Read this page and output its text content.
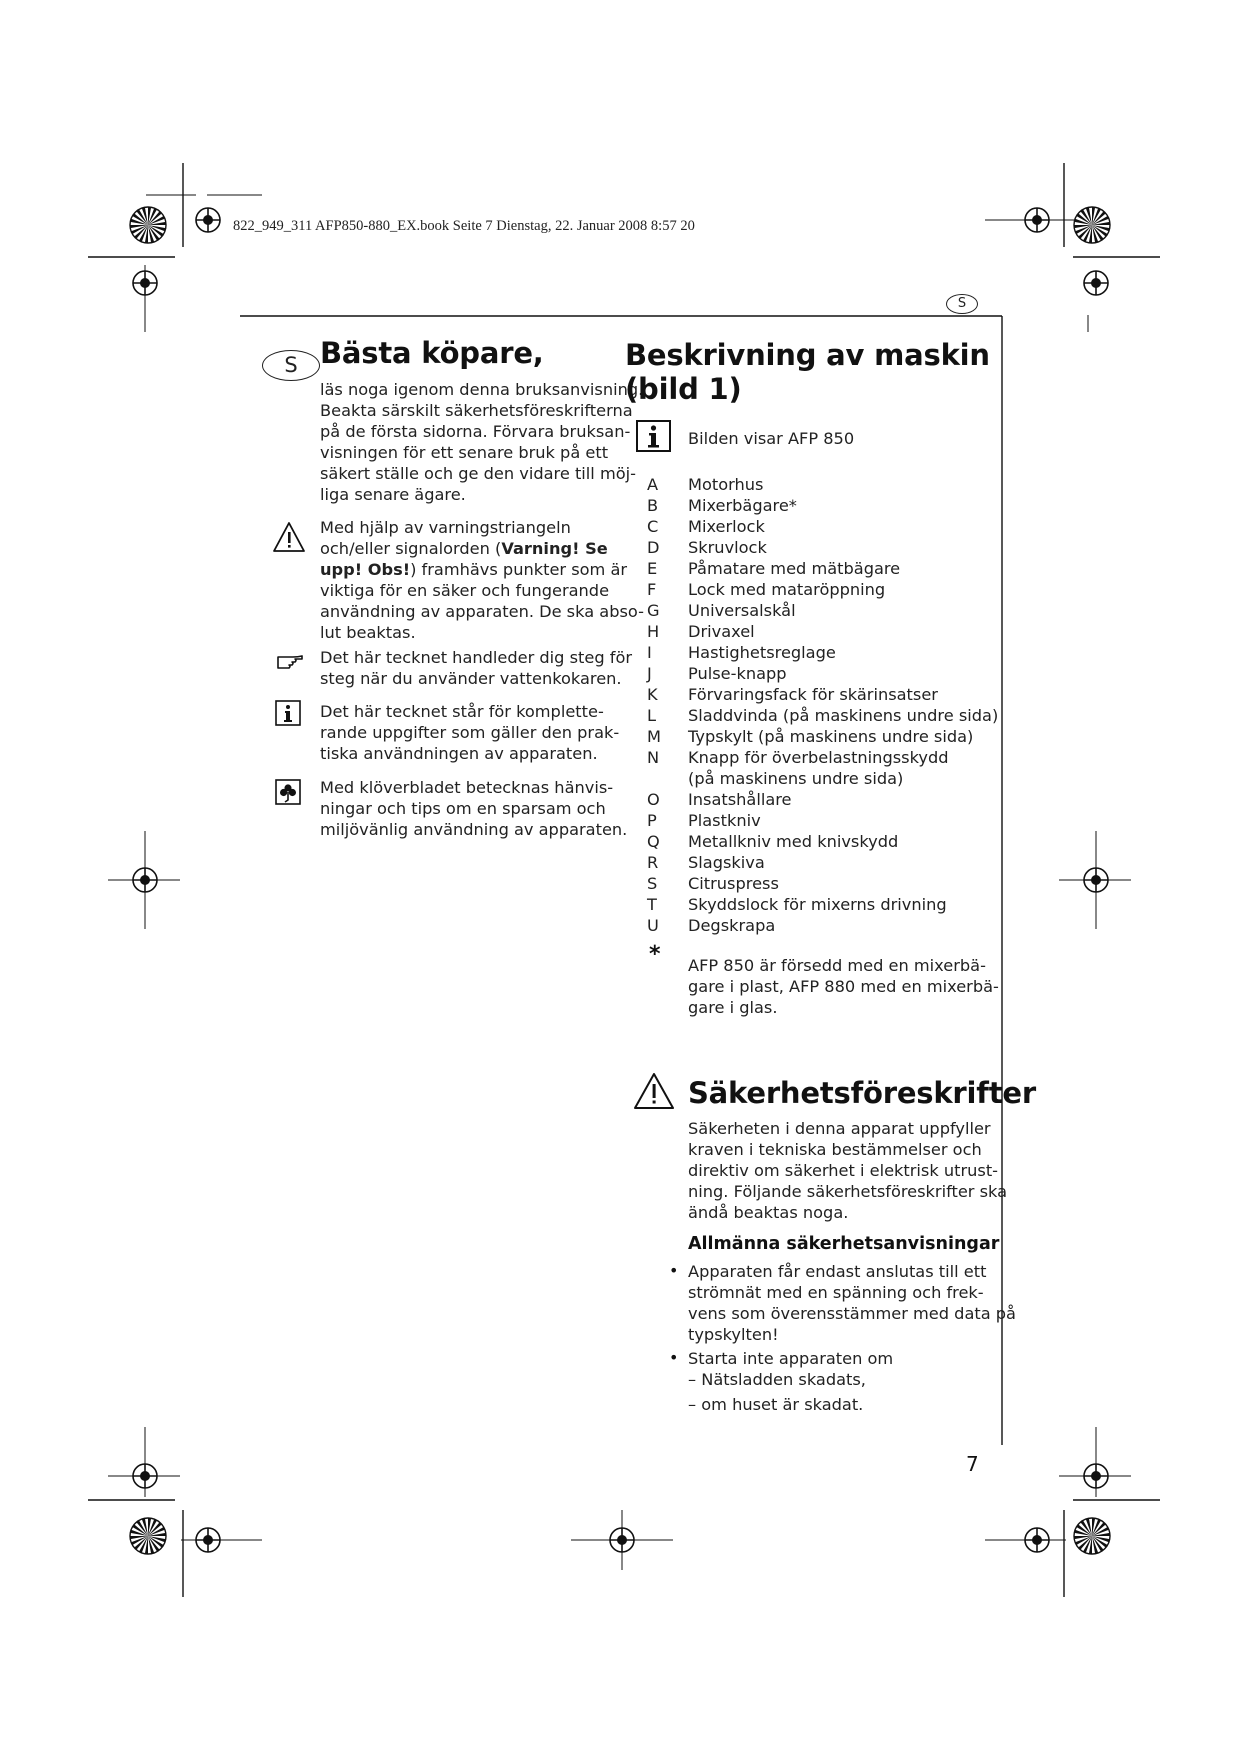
822_949_311 AFP850-880_EX.book Seite 7 Dienstag, 22. Januar 2008 8:57 20
S
S Bästa köpare,
läs noga igenom denna bruksanvisning.
Beakta särskilt säkerhetsföreskrifterna
på de första sidorna. Förvara bruksan-
visningen för ett senare bruk på ett
säkert ställe och ge den vidare till möj-
liga senare ägare.
Med hjälp av varningstriangeln
och/eller signalorden (Varning! Se
upp! Obs!) framhävs punkter som är
viktiga för en säker och fungerande
användning av apparaten. De ska abso-
lut beaktas.
Det här tecknet handleder dig steg för
steg när du använder vattenkokaren.
Det här tecknet står för komplette-
rande uppgifter som gäller den prak-
tiska användningen av apparaten.
Med klöverbladet betecknas hänvis-
ningar och tips om en sparsam och
miljövänlig användning av apparaten.
Beskrivning av maskin
(bild 1)
Bilden visar AFP 850
A Motorhus
B Mixerbägare*
C Mixerlock
D Skruvlock
E Påmatare med mätbägare
F Lock med mataröppning
G Universalskål
H Drivaxel
I Hastighetsreglage
J Pulse-knapp
K Förvaringsfack för skärinsatser
L Sladdvinda (på maskinens undre sida)
M Typskylt (på maskinens undre sida)
N Knapp för överbelastningsskydd
(på maskinens undre sida)
O Insatshållare
P Plastkniv
Q Metallkniv med knivskydd
R Slagskiva
S Citruspress
T Skyddslock för mixerns drivning
U Degskrapa
* AFP 850 är försedd med en mixerbä-
gare i plast, AFP 880 med en mixerbä-
gare i glas.
Säkerhetsföreskrifter
Säkerheten i denna apparat uppfyller
kraven i tekniska bestämmelser och
direktiv om säkerhet i elektrisk utrust-
ning. Följande säkerhetsföreskrifter ska
ändå beaktas noga.
Allmänna säkerhetsanvisningar
• Apparaten får endast anslutas till ett
strömnät med en spänning och frek-
vens som överensstämmer med data på
typskylten!
• Starta inte apparaten om
– Nätsladden skadats,
– om huset är skadat.
7
